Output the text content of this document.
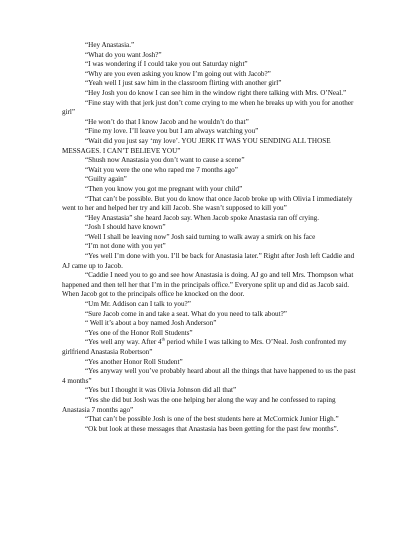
“Hey Anastasia.”

“What do you want Josh?”

“I was wondering if I could take you out Saturday night”

“Why are you even asking you know I’m going out with Jacob?”

“Yeah well I just saw him in the classroom flirting with another girl”

“Hey Josh you do know I can see him in the window right there talking with Mrs. O’Neal.”

“Fine stay with that jerk just don’t come crying to me when he breaks up with you for another girl”

“He won’t do that I know Jacob and he wouldn’t do that”

“Fine my love. I’ll leave you but I am always watching you”

“Wait did you just say ‘my love’. YOU JERK IT WAS YOU SENDING ALL THOSE MESSAGES. I CAN’T BELIEVE YOU”

“Shush now Anastasia you don’t want to cause a scene”

“Wait you were the one who raped me 7 months ago”

“Guilty again”

“Then you know you got me pregnant with your child”

“That can’t be possible. But you do know that once Jacob broke up with Olivia I immediately went to her and helped her try and kill Jacob. She wasn’t supposed to kill you”

“Hey Anastasia” she heard Jacob say. When Jacob spoke Anastasia ran off crying.

“Josh I should have known”

“Well I shall be leaving now” Josh said turning to walk away a smirk on his face

“I’m not done with you yet”

“Yes well I’m done with you. I’ll be back for Anastasia later.” Right after Josh left Caddie and AJ came up to Jacob.

“Caddie I need you to go and see how Anastasia is doing. AJ go and tell Mrs. Thompson what happened and then tell her that I’m in the principals office.” Everyone split up and did as Jacob said. When Jacob got to the principals office he knocked on the door.

“Um Mr. Addison can I talk to you?”

“Sure Jacob come in and take a seat. What do you need to talk about?”

“ Well it’s about a boy named Josh Anderson”

“Yes one of the Honor Roll Students”

“Yes well any way. After 4th period while I was talking to Mrs. O’Neal. Josh confronted my girlfriend Anastasia Robertson”

“Yes another Honor Roll Student”

“Yes anyway well you’ve probably heard about all the things that have happened to us the past 4 months”

“Yes but I thought it was Olivia Johnson did all that”

“Yes she did but Josh was the one helping her along the way and he confessed to raping Anastasia 7 months ago”

“That can’t be possible Josh is one of the best students here at McCormick Junior High.”

“Ok but look at these messages that Anastasia has been getting for the past few months”.
